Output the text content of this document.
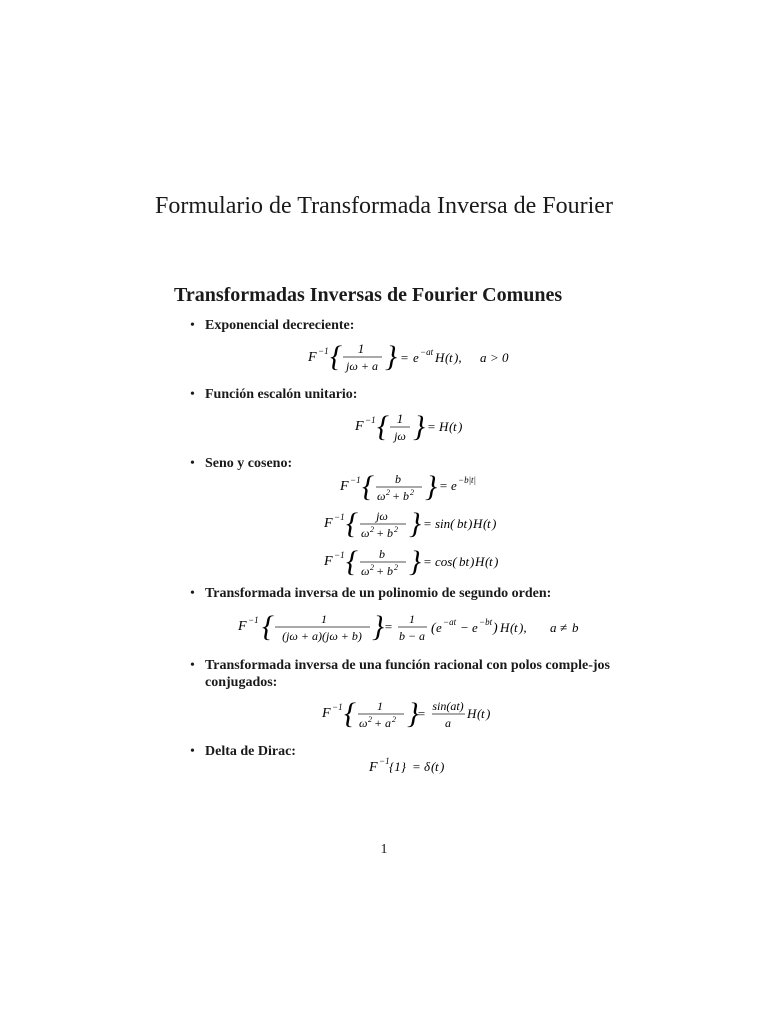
Formulario de Transformada Inversa de Fourier
Transformadas Inversas de Fourier Comunes
• Exponencial decreciente:
F −1 { 1
jω + a } = e −at H ( t ), a > 0
• Función escalón unitario:
F −1 { 1
jω } = H ( t )
• Seno y coseno:
F −1 { b
ω 2 + b 2 } = e −b|t|
F −1 { jω
ω 2 + b 2 } = sin( bt ) H ( t )
F −1 { b
ω 2 + b 2 } = cos( bt ) H ( t )
• Transformada inversa de un polinomio de segundo orden:
F −1 {	1
(jω + a)(jω + b) } = 1
b − a ( e −at − e −bt ) H ( t ), a ≠ b
• Transformada inversa de una función racional con polos comple-jos conjugados:
F −1 { 1
ω 2 + a 2 }
= sin(at)
a
H ( t )
• Delta de Dirac:
F −1 {1} = δ ( t )
1
